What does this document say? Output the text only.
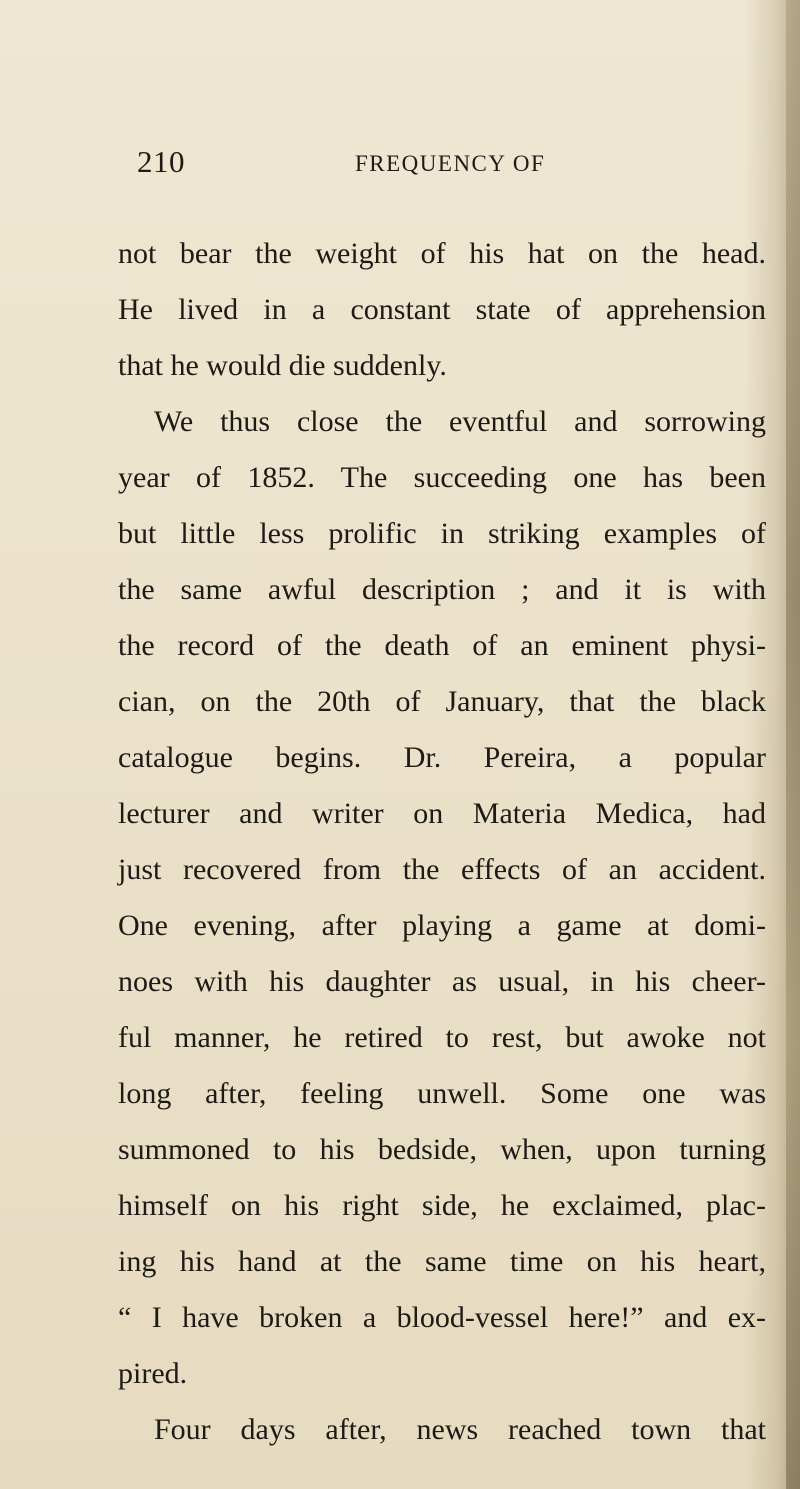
210	FREQUENCY OF
not bear the weight of his hat on the head.
He lived in a constant state of apprehension
that he would die suddenly.
We thus close the eventful and sorrowing
year of 1852. The succeeding one has been
but little less prolific in striking examples of
the same awful description ; and it is with
the record of the death of an eminent physi-
cian, on the 20th of January, that the black
catalogue begins. Dr. Pereira, a popular
lecturer and writer on Materia Medica, had
just recovered from the effects of an accident.
One evening, after playing a game at domi-
noes with his daughter as usual, in his cheer-
ful manner, he retired to rest, but awoke not
long after, feeling unwell. Some one was
summoned to his bedside, when, upon turning
himself on his right side, he exclaimed, plac-
ing his hand at the same time on his heart,
“ I have broken a blood-vessel here!” and ex-
pired.
Four days after, news reached town that
